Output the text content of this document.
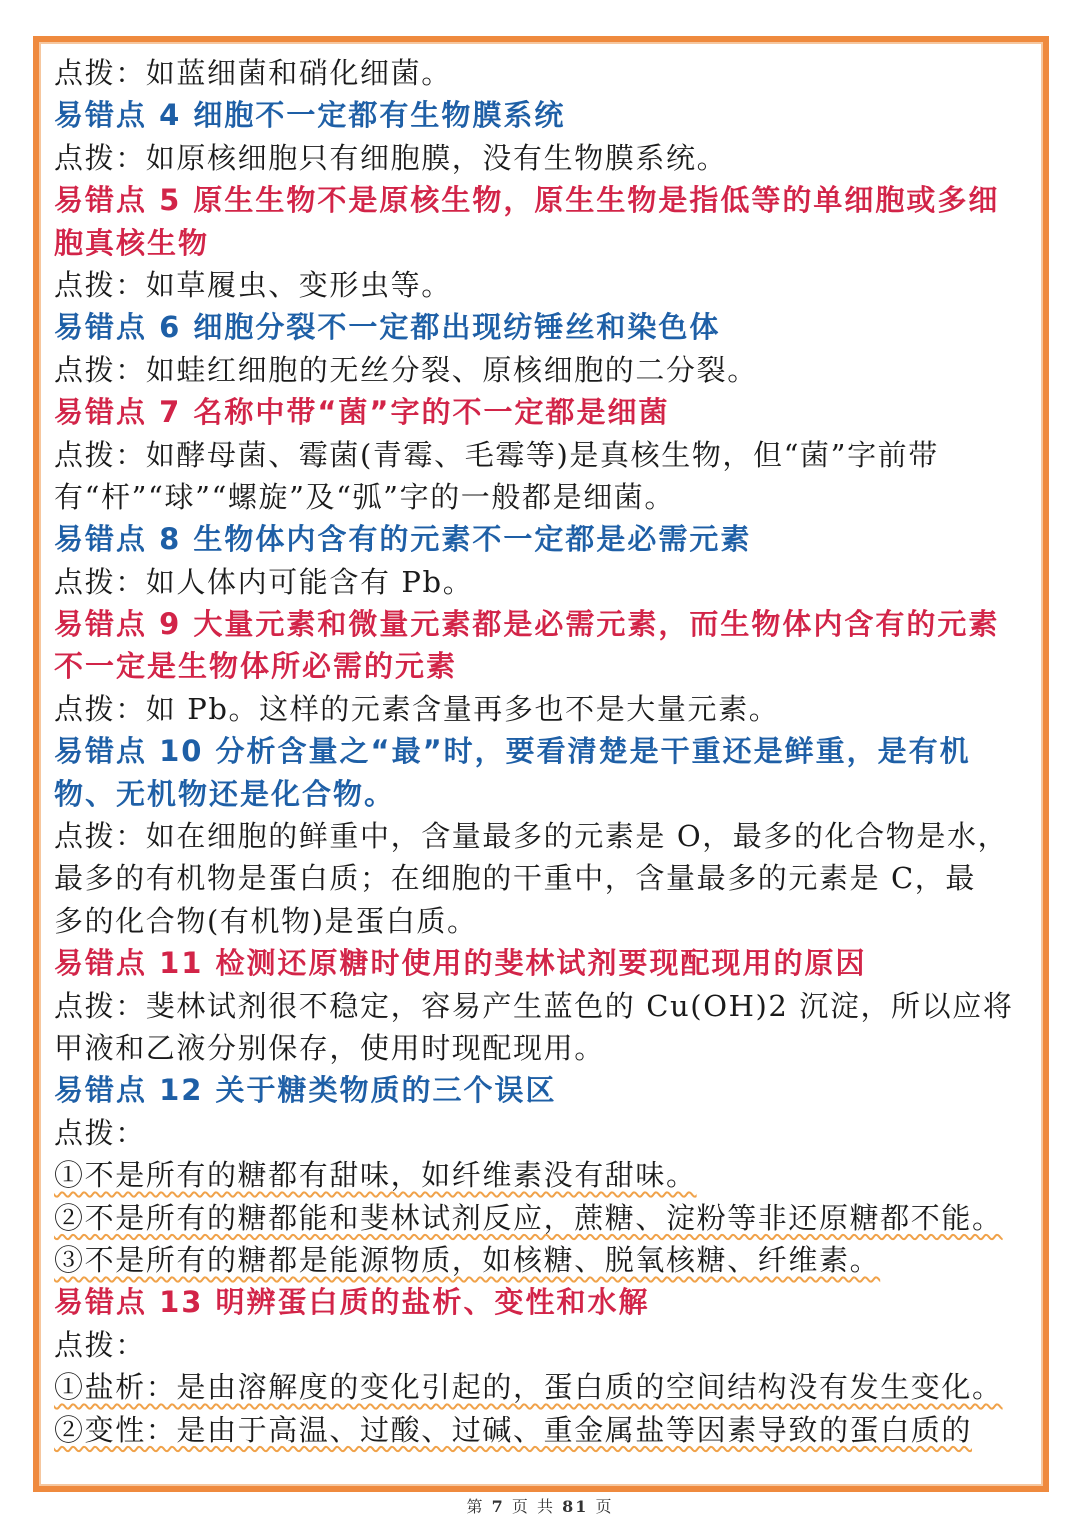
点拨：如蓝细菌和硝化细菌。
易错点 4 细胞不一定都有生物膜系统
点拨：如原核细胞只有细胞膜，没有生物膜系统。
易错点 5 原生生物不是原核生物，原生生物是指低等的单细胞或多细
胞真核生物
点拨：如草履虫、变形虫等。
易错点 6 细胞分裂不一定都出现纺锤丝和染色体
点拨：如蛙红细胞的无丝分裂、原核细胞的二分裂。
易错点 7 名称中带“菌”字的不一定都是细菌
点拨：如酵母菌、霉菌(青霉、毛霉等)是真核生物，但“菌”字前带
有“杆”“球”“螺旋”及“弧”字的一般都是细菌。
易错点 8 生物体内含有的元素不一定都是必需元素
点拨：如人体内可能含有 Pb。
易错点 9 大量元素和微量元素都是必需元素，而生物体内含有的元素
不一定是生物体所必需的元素
点拨：如 Pb。这样的元素含量再多也不是大量元素。
易错点 10 分析含量之“最”时，要看清楚是干重还是鲜重，是有机
物、无机物还是化合物。
点拨：如在细胞的鲜重中，含量最多的元素是 O，最多的化合物是水，
最多的有机物是蛋白质；在细胞的干重中，含量最多的元素是 C，最
多的化合物(有机物)是蛋白质。
易错点 11 检测还原糖时使用的斐林试剂要现配现用的原因
点拨：斐林试剂很不稳定，容易产生蓝色的 Cu(OH)2 沉淀，所以应将
甲液和乙液分别保存，使用时现配现用。
易错点 12 关于糖类物质的三个误区
点拨：
①不是所有的糖都有甜味，如纤维素没有甜味。
②不是所有的糖都能和斐林试剂反应，蔗糖、淀粉等非还原糖都不能。
③不是所有的糖都是能源物质，如核糖、脱氧核糖、纤维素。
易错点 13 明辨蛋白质的盐析、变性和水解
点拨：
①盐析：是由溶解度的变化引起的，蛋白质的空间结构没有发生变化。
②变性：是由于高温、过酸、过碱、重金属盐等因素导致的蛋白质的
第 7 页 共 81 页
